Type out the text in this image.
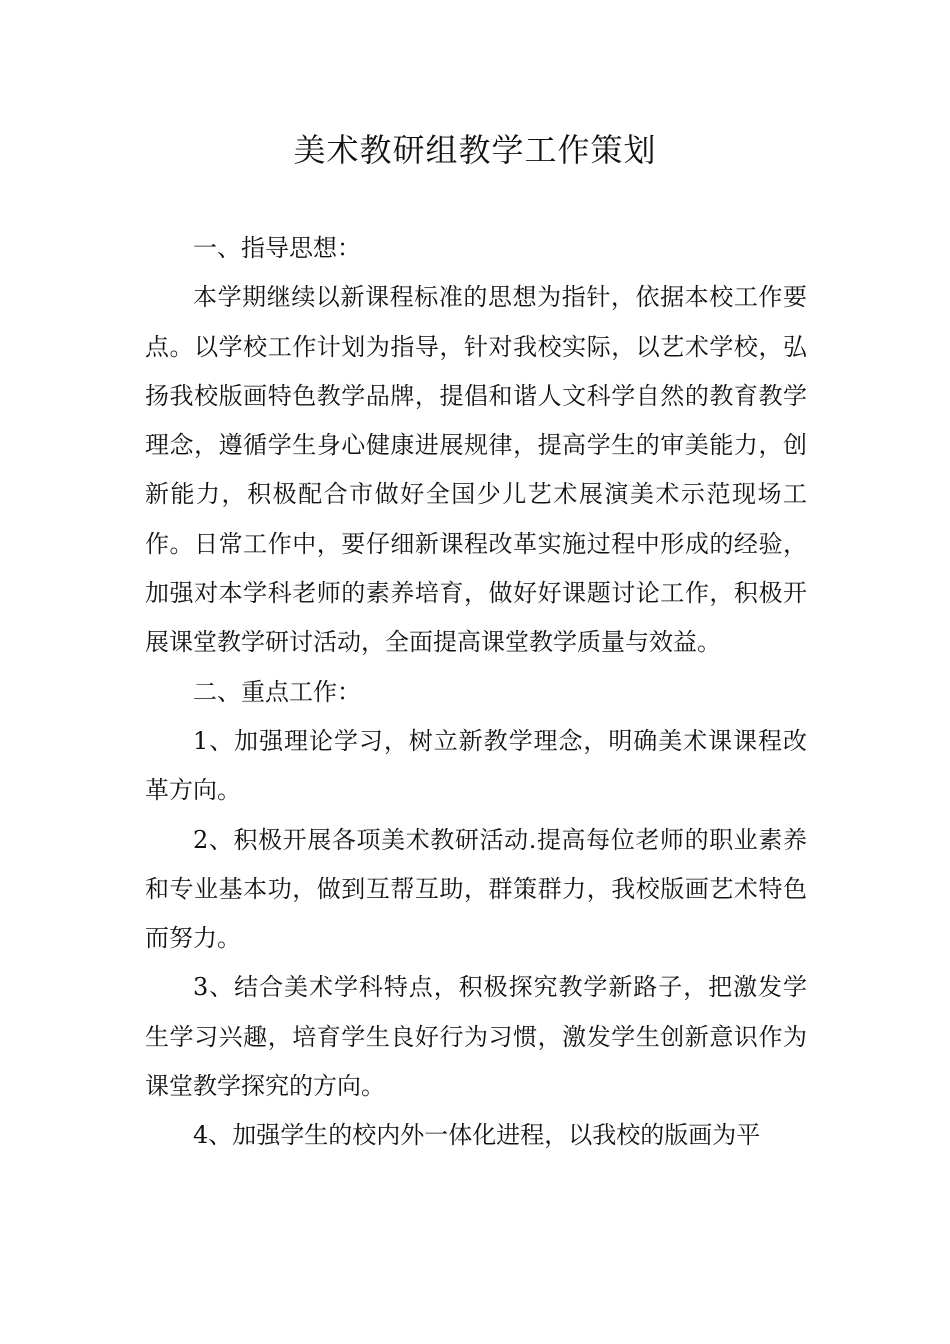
美术教研组教学工作策划

一、指导思想：

本学期继续以新课程标准的思想为指针，依据本校工作要点。以学校工作计划为指导，针对我校实际，以艺术学校，弘扬我校版画特色教学品牌，提倡和谐人文科学自然的教育教学理念，遵循学生身心健康进展规律，提高学生的审美能力，创新能力，积极配合市做好全国少儿艺术展演美术示范现场工作。日常工作中，要仔细新课程改革实施过程中形成的经验，加强对本学科老师的素养培育，做好好课题讨论工作，积极开展课堂教学研讨活动，全面提高课堂教学质量与效益。

二、重点工作：

1、加强理论学习，树立新教学理念，明确美术课课程改革方向。

2、积极开展各项美术教研活动.提高每位老师的职业素养和专业基本功，做到互帮互助，群策群力，我校版画艺术特色而努力。

3、结合美术学科特点，积极探究教学新路子，把激发学生学习兴趣，培育学生良好行为习惯，激发学生创新意识作为课堂教学探究的方向。

4、加强学生的校内外一体化进程，以我校的版画为平
